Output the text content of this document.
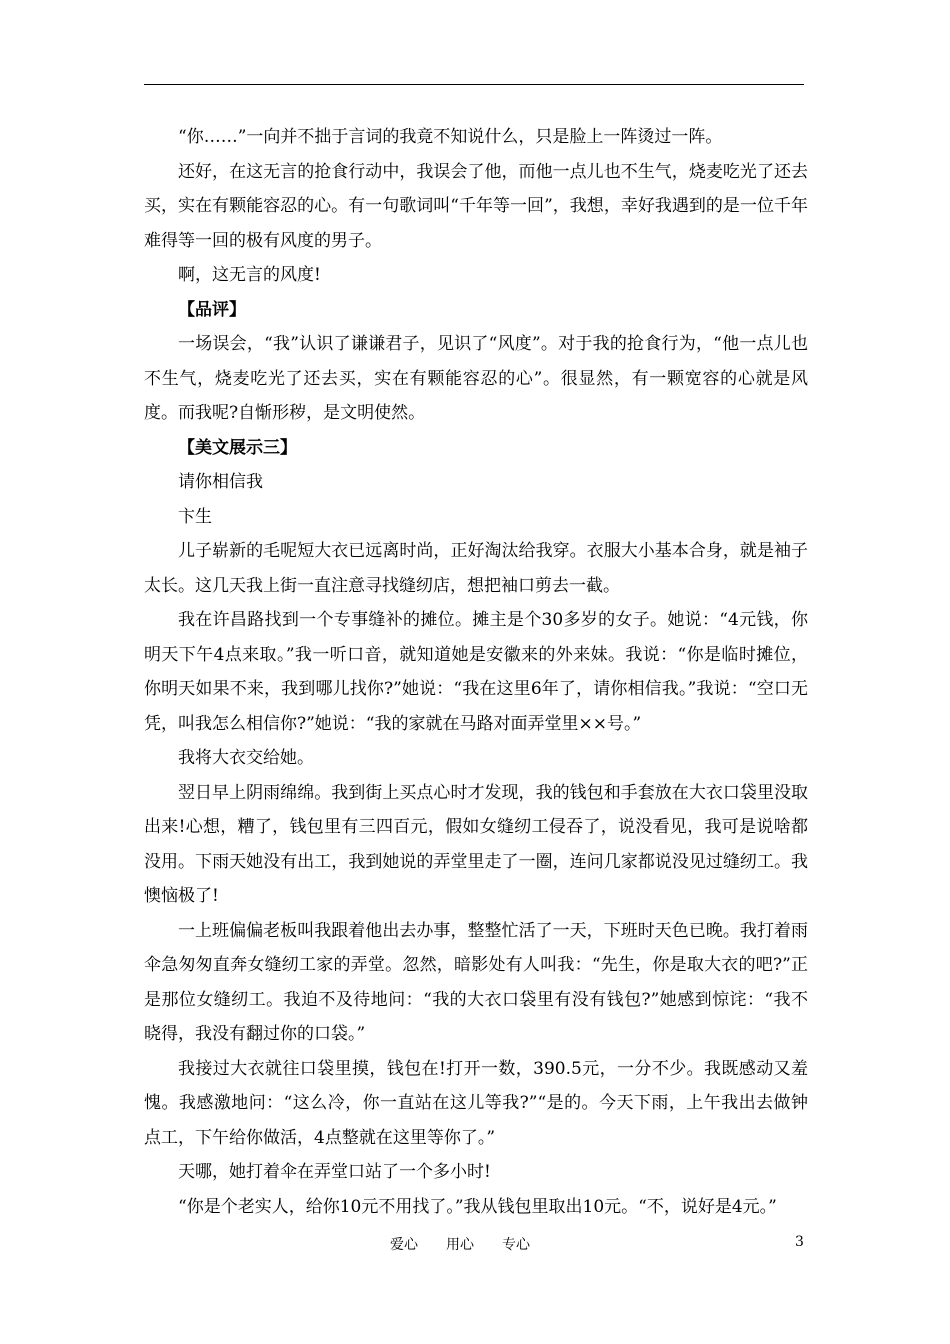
“你……”一向并不拙于言词的我竟不知说什么，只是脸上一阵烫过一阵。

还好，在这无言的抢食行动中，我误会了他，而他一点儿也不生气，烧麦吃光了还去买，实在有颗能容忍的心。有一句歌词叫“千年等一回”，我想，幸好我遇到的是一位千年难得等一回的极有风度的男子。

啊，这无言的风度!

【品评】

一场误会，“我”认识了谦谦君子，见识了“风度”。对于我的抢食行为，“他一点儿也不生气，烧麦吃光了还去买，实在有颗能容忍的心”。很显然，有一颗宽容的心就是风度。而我呢?自惭形秽，是文明使然。

【美文展示三】

请你相信我

卞生

儿子崭新的毛呢短大衣已远离时尚，正好淘汰给我穿。衣服大小基本合身，就是袖子太长。这几天我上街一直注意寻找缝纫店，想把袖口剪去一截。

我在许昌路找到一个专事缝补的摊位。摊主是个30多岁的女子。她说：“4元钱，你明天下午4点来取。”我一听口音，就知道她是安徽来的外来妹。我说：“你是临时摊位，你明天如果不来，我到哪儿找你?”她说：“我在这里6年了，请你相信我。”我说：“空口无凭，叫我怎么相信你?”她说：“我的家就在马路对面弄堂里××号。”

我将大衣交给她。

翌日早上阴雨绵绵。我到街上买点心时才发现，我的钱包和手套放在大衣口袋里没取出来!心想，糟了，钱包里有三四百元，假如女缝纫工侵吞了，说没看见，我可是说啥都没用。下雨天她没有出工，我到她说的弄堂里走了一圈，连问几家都说没见过缝纫工。我懊恼极了!

一上班偏偏老板叫我跟着他出去办事，整整忙活了一天，下班时天色已晚。我打着雨伞急匆匆直奔女缝纫工家的弄堂。忽然，暗影处有人叫我：“先生，你是取大衣的吧?”正是那位女缝纫工。我迫不及待地问：“我的大衣口袋里有没有钱包?”她感到惊诧：“我不晓得，我没有翻过你的口袋。”

我接过大衣就往口袋里摸，钱包在!打开一数，390.5元，一分不少。我既感动又羞愧。我感激地问：“这么冷，你一直站在这儿等我?”“是的。今天下雨，上午我出去做钟点工，下午给你做活，4点整就在这里等你了。”

天哪，她打着伞在弄堂口站了一个多小时!

“你是个老实人，给你10元不用找了。”我从钱包里取出10元。“不，说好是4元。”

爱心 用心 专心	3
